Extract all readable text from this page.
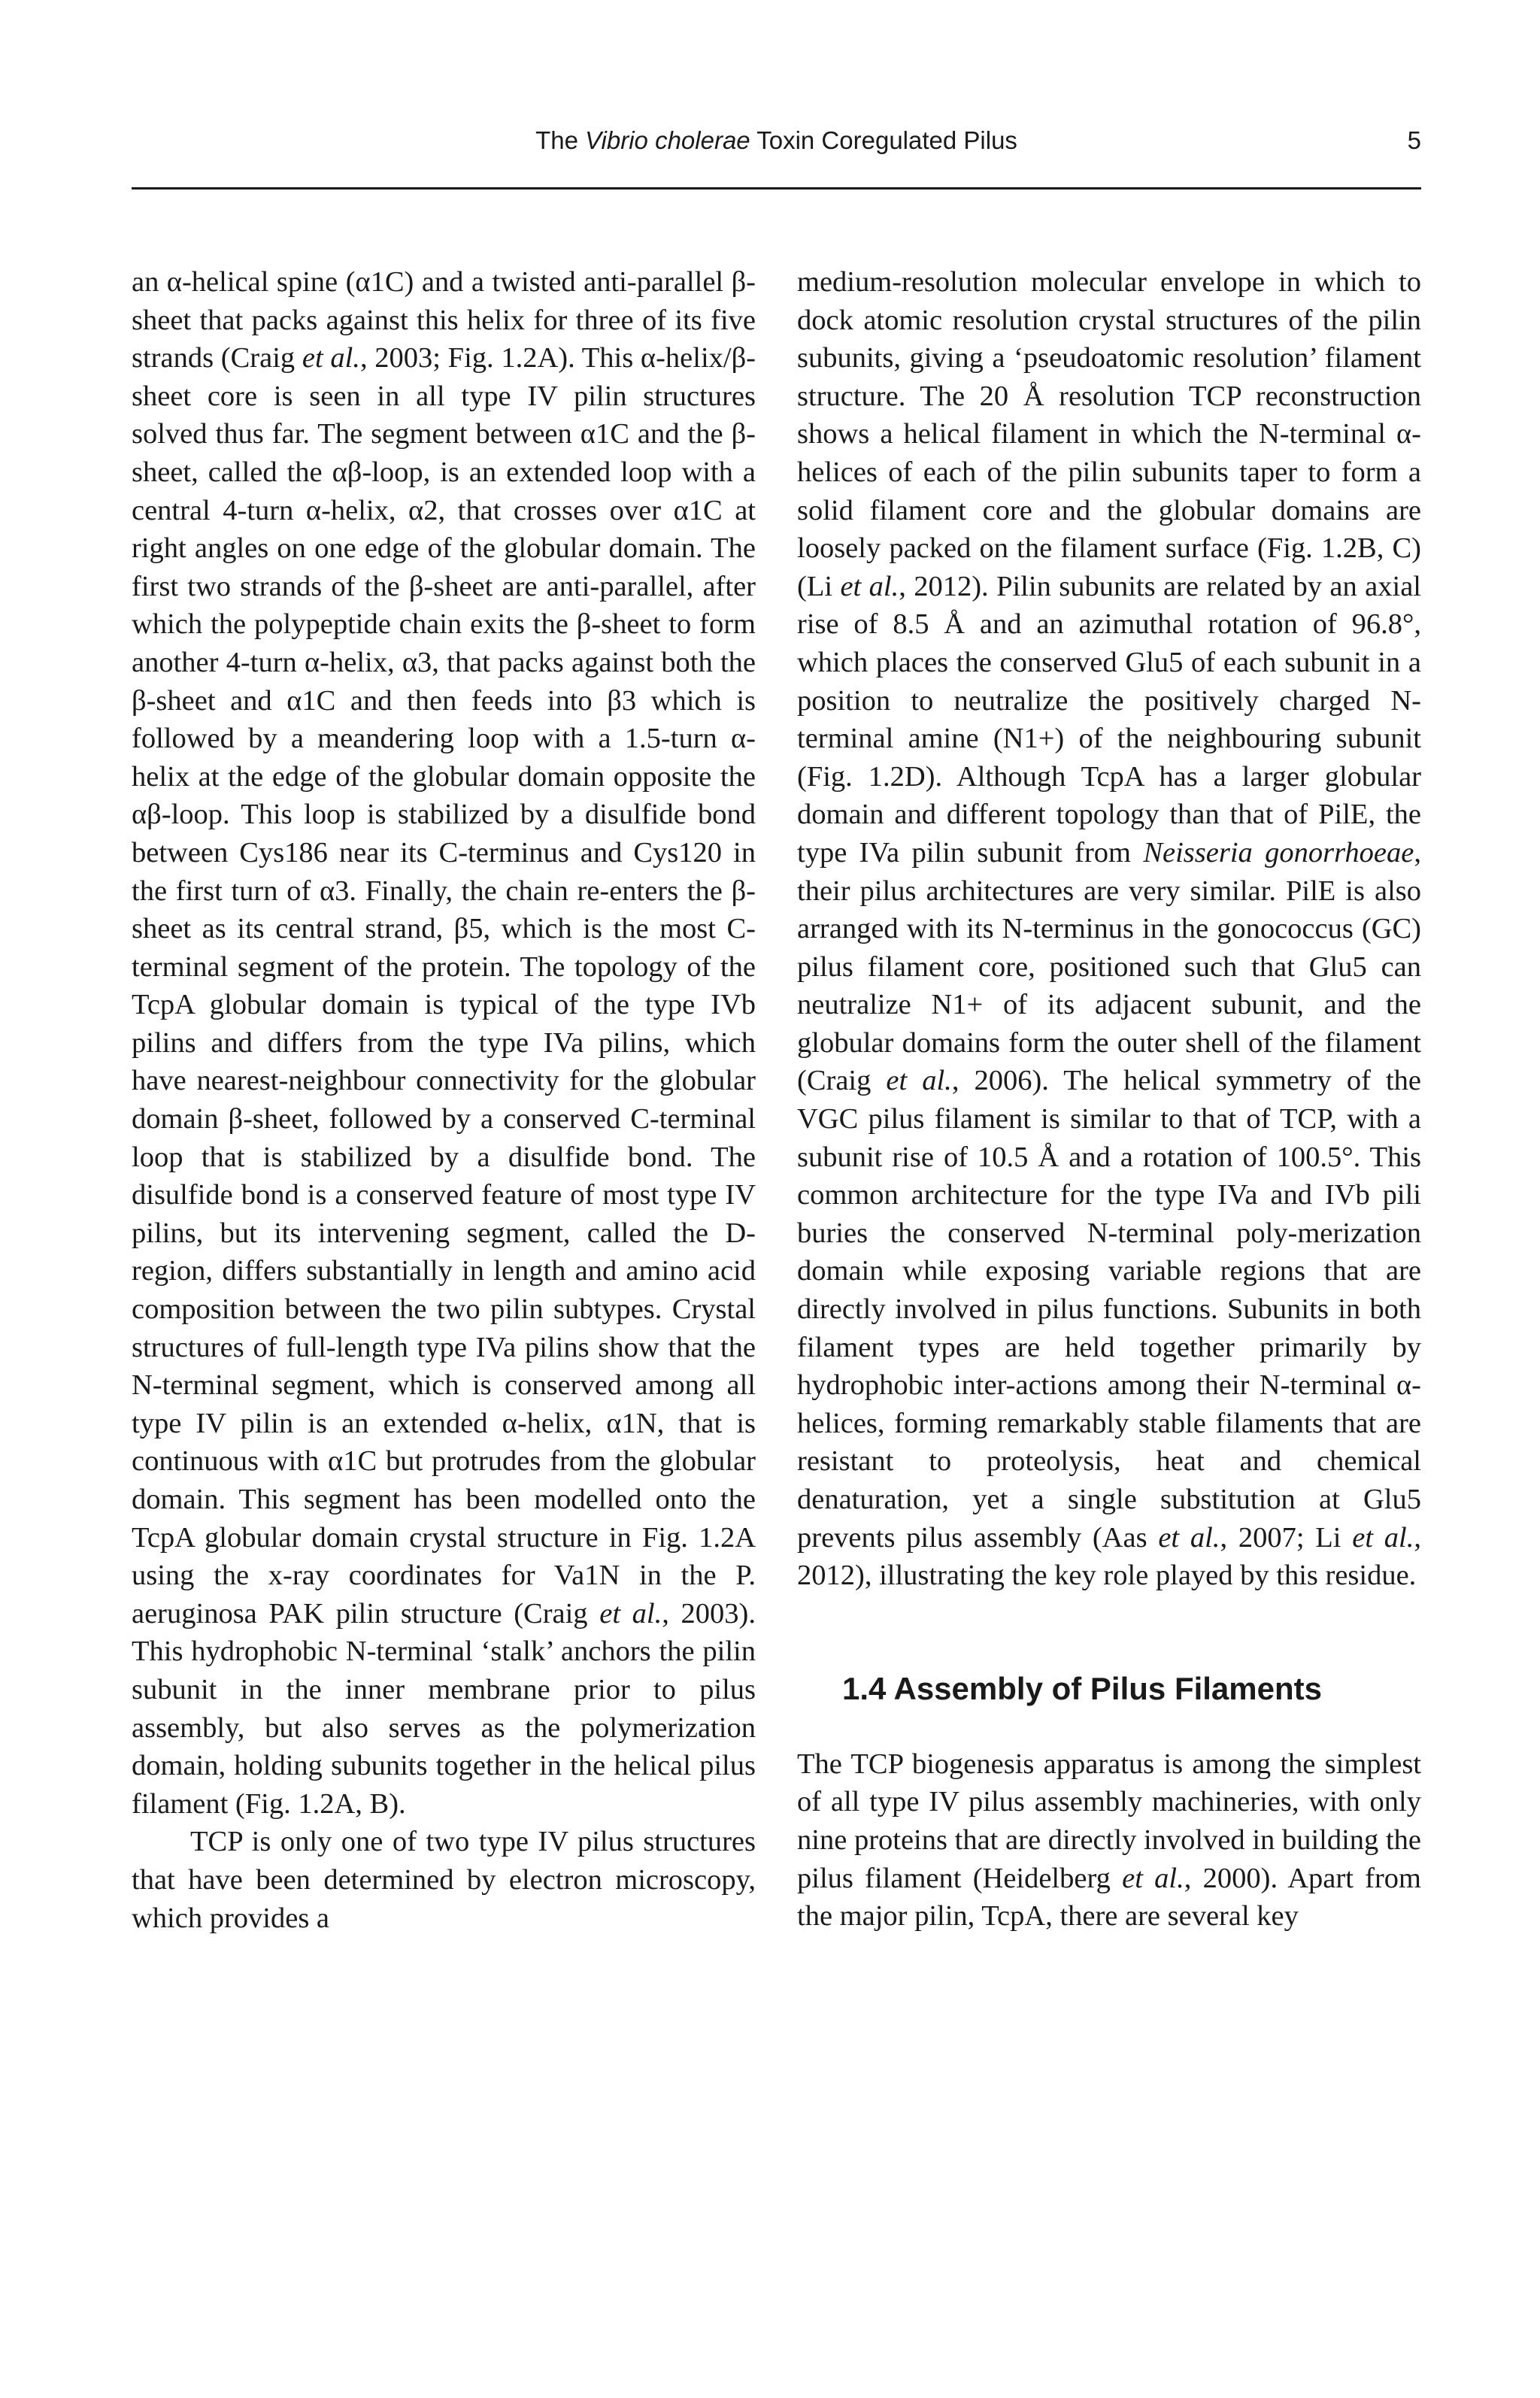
The Vibrio cholerae Toxin Coregulated Pilus	5

an α-helical spine (α1C) and a twisted anti-parallel β-sheet that packs against this helix for three of its five strands (Craig et al., 2003; Fig. 1.2A). This α-helix/β-sheet core is seen in all type IV pilin structures solved thus far. The segment between α1C and the β-sheet, called the αβ-loop, is an extended loop with a central 4-turn α-helix, α2, that crosses over α1C at right angles on one edge of the globular domain. The first two strands of the β-sheet are anti-parallel, after which the polypeptide chain exits the β-sheet to form another 4-turn α-helix, α3, that packs against both the β-sheet and α1C and then feeds into β3 which is followed by a meandering loop with a 1.5-turn α-helix at the edge of the globular domain opposite the αβ-loop. This loop is stabilized by a disulfide bond between Cys186 near its C-terminus and Cys120 in the first turn of α3. Finally, the chain re-enters the β-sheet as its central strand, β5, which is the most C-terminal segment of the protein. The topology of the TcpA globular domain is typical of the type IVb pilins and differs from the type IVa pilins, which have nearest-neighbour connectivity for the globular domain β-sheet, followed by a conserved C-terminal loop that is stabilized by a disulfide bond. The disulfide bond is a conserved feature of most type IV pilins, but its intervening segment, called the D-region, differs substantially in length and amino acid composition between the two pilin subtypes. Crystal structures of full-length type IVa pilins show that the N-terminal segment, which is conserved among all type IV pilin is an extended α-helix, α1N, that is continuous with α1C but protrudes from the globular domain. This segment has been modelled onto the TcpA globular domain crystal structure in Fig. 1.2A using the x-ray coordinates for Va1N in the P. aeruginosa PAK pilin structure (Craig et al., 2003). This hydrophobic N-terminal ‘stalk’ anchors the pilin subunit in the inner membrane prior to pilus assembly, but also serves as the polymerization domain, holding subunits together in the helical pilus filament (Fig. 1.2A, B).

TCP is only one of two type IV pilus structures that have been determined by electron microscopy, which provides a

medium-resolution molecular envelope in which to dock atomic resolution crystal structures of the pilin subunits, giving a ‘pseudoatomic resolution’ filament structure. The 20 Å resolution TCP reconstruction shows a helical filament in which the N-terminal α-helices of each of the pilin subunits taper to form a solid filament core and the globular domains are loosely packed on the filament surface (Fig. 1.2B, C) (Li et al., 2012). Pilin subunits are related by an axial rise of 8.5 Å and an azimuthal rotation of 96.8°, which places the conserved Glu5 of each subunit in a position to neutralize the positively charged N-terminal amine (N1+) of the neighbouring subunit (Fig. 1.2D). Although TcpA has a larger globular domain and different topology than that of PilE, the type IVa pilin subunit from Neisseria gonorrhoeae, their pilus architectures are very similar. PilE is also arranged with its N-terminus in the gonococcus (GC) pilus filament core, positioned such that Glu5 can neutralize N1+ of its adjacent subunit, and the globular domains form the outer shell of the filament (Craig et al., 2006). The helical symmetry of the VGC pilus filament is similar to that of TCP, with a subunit rise of 10.5 Å and a rotation of 100.5°. This common architecture for the type IVa and IVb pili buries the conserved N-terminal poly-merization domain while exposing variable regions that are directly involved in pilus functions. Subunits in both filament types are held together primarily by hydrophobic inter-actions among their N-terminal α-helices, forming remarkably stable filaments that are resistant to proteolysis, heat and chemical denaturation, yet a single substitution at Glu5 prevents pilus assembly (Aas et al., 2007; Li et al., 2012), illustrating the key role played by this residue.

1.4 Assembly of Pilus Filaments

The TCP biogenesis apparatus is among the simplest of all type IV pilus assembly machineries, with only nine proteins that are directly involved in building the pilus filament (Heidelberg et al., 2000). Apart from the major pilin, TcpA, there are several key
